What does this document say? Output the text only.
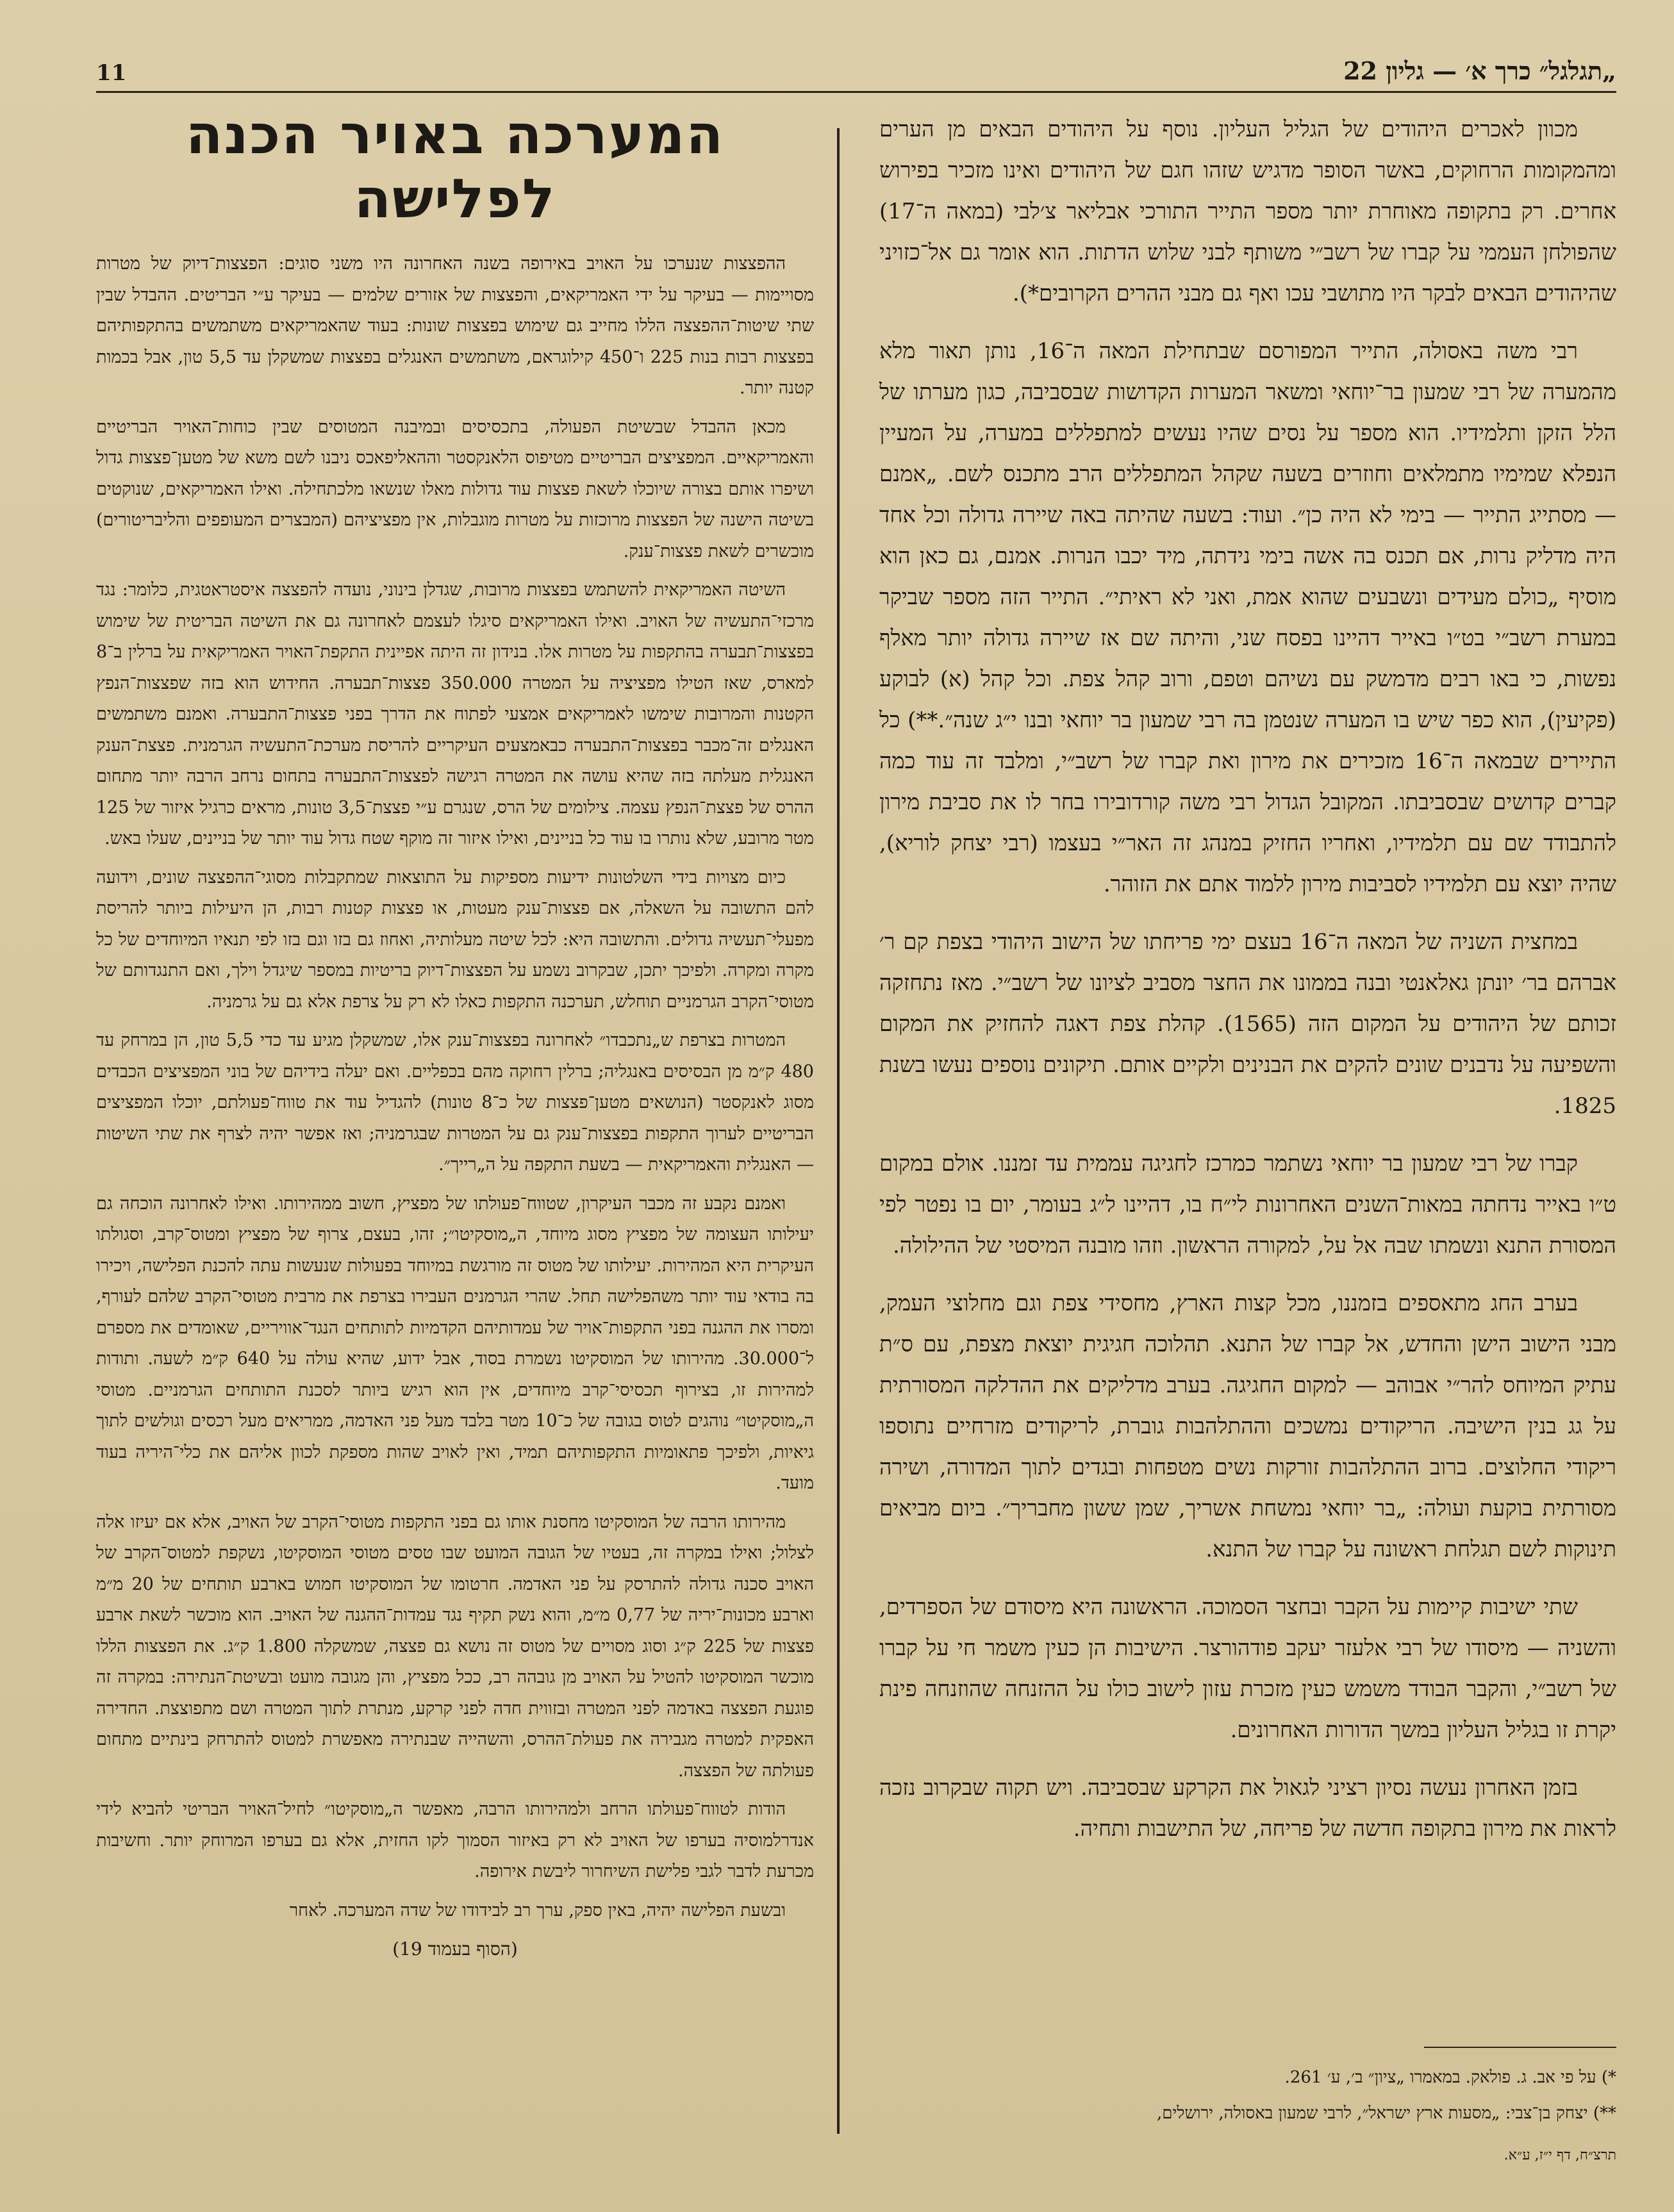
11	„תגלגל״ כרך א׳ — גליון 22

מכוון לאכרים היהודים של הגליל העליון. נוסף על היהודים הבאים מן הערים ומהמקומות הרחוקים, באשר הסופר מדגיש שזהו חגם של היהודים ואינו מזכיר בפירוש אחרים. רק בתקופה מאוחרת יותר מספר התייר התורכי אבליאר צ׳לבי (במאה ה־17) שהפולחן העממי על קברו של רשב״י משותף לבני שלוש הדתות. הוא אומר גם אל־כזויני שהיהודים הבאים לבקר היו מתושבי עכו ואף גם מבני ההרים הקרובים*).

רבי משה באסולה, התייר המפורסם שבתחילת המאה ה־16, נותן תאור מלא מהמערה של רבי שמעון בר־יוחאי ומשאר המערות הקדושות שבסביבה, כגון מערתו של הלל הזקן ותלמידיו. הוא מספר על נסים שהיו נעשים למתפללים במערה, על המעיין הנפלא שמימיו מתמלאים וחוזרים בשעה שקהל המתפללים הרב מתכנס לשם. „אמנם — מסתייג התייר — בימי לא היה כן״. ועוד: בשעה שהיתה באה שיירה גדולה וכל אחד היה מדליק נרות, אם תכנס בה אשה בימי נידתה, מיד יכבו הנרות. אמנם, גם כאן הוא מוסיף „כולם מעידים ונשבעים שהוא אמת, ואני לא ראיתי״. התייר הזה מספר שביקר במערת רשב״י בט״ו באייר דהיינו בפסח שני, והיתה שם אז שיירה גדולה יותר מאלף נפשות, כי באו רבים מדמשק עם נשיהם וטפם, ורוב קהל צפת. וכל קהל (א) לבוקע (פקיעין), הוא כפר שיש בו המערה שנטמן בה רבי שמעון בר יוחאי ובנו י״ג שנה״.**) כל התיירים שבמאה ה־16 מזכירים את מירון ואת קברו של רשב״י, ומלבד זה עוד כמה קברים קדושים שבסביבתו. המקובל הגדול רבי משה קורדובירו בחר לו את סביבת מירון להתבודד שם עם תלמידיו, ואחריו החזיק במנהג זה האר״י בעצמו (רבי יצחק לוריא), שהיה יוצא עם תלמידיו לסביבות מירון ללמוד אתם את הזוהר.

במחצית השניה של המאה ה־16 בעצם ימי פריחתו של הישוב היהודי בצפת קם ר׳ אברהם בר׳ יונתן גאלאנטי ובנה בממונו את החצר מסביב לציונו של רשב״י. מאז נתחזקה זכותם של היהודים על המקום הזה (1565). קהלת צפת דאגה להחזיק את המקום והשפיעה על נדבנים שונים להקים את הבנינים ולקיים אותם. תיקונים נוספים נעשו בשנת 1825.

קברו של רבי שמעון בר יוחאי נשתמר כמרכז לחגיגה עממית עד זמננו. אולם במקום ט״ו באייר נדחתה במאות־השנים האחרונות לי״ח בו, דהיינו ל״ג בעומר, יום בו נפטר לפי המסורת התנא ונשמתו שבה אל על, למקורה הראשון. וזהו מובנה המיסטי של ההילולה.

בערב החג מתאספים בזמננו, מכל קצות הארץ, מחסידי צפת וגם מחלוצי העמק, מבני הישוב הישן והחדש, אל קברו של התנא. תהלוכה חגיגית יוצאת מצפת, עם ס״ת עתיק המיוחס להר״י אבוהב — למקום החגיגה. בערב מדליקים את ההדלקה המסורתית על גג בנין הישיבה. הריקודים נמשכים וההתלהבות גוברת, לריקודים מזרחיים נתוספו ריקודי החלוצים. ברוב ההתלהבות זורקות נשים מטפחות ובגדים לתוך המדורה, ושירה מסורתית בוקעת ועולה: „בר יוחאי נמשחת אשריך, שמן ששון מחבריך״. ביום מביאים תינוקות לשם תגלחת ראשונה על קברו של התנא.

שתי ישיבות קיימות על הקבר ובחצר הסמוכה. הראשונה היא מיסודם של הספרדים, והשניה — מיסודו של רבי אלעזר יעקב פודהורצר. הישיבות הן כעין משמר חי על קברו של רשב״י, והקבר הבודד משמש כעין מזכרת עזון לישוב כולו על ההזנחה שהוזנחה פינת יקרת זו בגליל העליון במשך הדורות האחרונים.

בזמן האחרון נעשה נסיון רציני לגאול את הקרקע שבסביבה. ויש תקוה שבקרוב נזכה לראות את מירון בתקופה חדשה של פריחה, של התישבות ותחיה.

*) על פי אב. ג. פולאק. במאמרו „ציון״ ב׳, ע׳ 261.

**) יצחק בן־צבי: „מסעות ארץ ישראל״, לרבי שמעון באסולה, ירושלים,

תרצ״ח, דף י״ז, ע״א.

המערכה באויר הכנה לפלישה

ההפצצות שנערכו על האויב באירופה בשנה האחרונה היו משני סוגים: הפצצות־דיוק של מטרות מסויימות — בעיקר על ידי האמריקאים, והפצצות של אזורים שלמים — בעיקר ע״י הבריטים. ההבדל שבין שתי שיטות־ההפצצה הללו מחייב גם שימוש בפצצות שונות: בעוד שהאמריקאים משתמשים בהתקפותיהם בפצצות רבות בנות 225 ו־450 קילוגראם, משתמשים האנגלים בפצצות שמשקלן עד 5,5 טון, אבל בכמות קטנה יותר.

מכאן ההבדל שבשיטת הפעולה, בתכסיסים ובמיבנה המטוסים שבין כוחות־האויר הבריטיים והאמריקאיים. המפציצים הבריטיים מטיפוס הלאנקסטר וההאליפאכס ניבנו לשם משא של מטען־פצצות גדול ושיפרו אותם בצורה שיוכלו לשאת פצצות עוד גדולות מאלו שנשאו מלכתחילה. ואילו האמריקאים, שנוקטים בשיטה הישנה של הפצצות מרוכזות על מטרות מוגבלות, אין מפציציהם (המבצרים המעופפים והליבריטורים) מוכשרים לשאת פצצות־ענק.

השיטה האמריקאית להשתמש בפצצות מרובות, שגדלן בינוני, נועדה להפצצה איסטראטגית, כלומר: נגד מרכזי־התעשיה של האויב. ואילו האמריקאים סיגלו לעצמם לאחרונה גם את השיטה הבריטית של שימוש בפצצות־תבערה בהתקפות על מטרות אלו. בנידון זה היתה אפיינית התקפת־האויר האמריקאית על ברלין ב־8 למארס, שאז הטילו מפציציה על המטרה 350.000 פצצות־תבערה. החידוש הוא בזה שפצצות־הנפץ הקטנות והמרובות שימשו לאמריקאים אמצעי לפתוח את הדרך בפני פצצות־התבערה. ואמנם משתמשים האנגלים זה־מכבר בפצצות־התבערה כבאמצעים העיקריים להריסת מערכת־התעשיה הגרמנית. פצצת־הענק האנגלית מעלתה בזה שהיא עושה את המטרה רגישה לפצצות־התבערה בתחום נרחב הרבה יותר מתחום ההרס של פצצת־הנפץ עצמה. צילומים של הרס, שנגרם ע״י פצצת־3,5 טונות, מראים כרגיל איזור של 125 מטר מרובע, שלא נותרו בו עוד כל בניינים, ואילו איזור זה מוקף שטח גדול עוד יותר של בניינים, שעלו באש.

כיום מצויות בידי השלטונות ידיעות מספיקות על התוצאות שמתקבלות מסוגי־ההפצצה שונים, וידועה להם התשובה על השאלה, אם פצצות־ענק מעטות, או פצצות קטנות רבות, הן היעילות ביותר להריסת מפעלי־תעשיה גדולים. והתשובה היא: לכל שיטה מעלותיה, ואחוז גם בזו וגם בזו לפי תנאיו המיוחדים של כל מקרה ומקרה. ולפיכך יתכן, שבקרוב נשמע על הפצצות־דיוק בריטיות במספר שיגדל וילך, ואם התנגדותם של מטוסי־הקרב הגרמניים תוחלש, תערכנה התקפות כאלו לא רק על צרפת אלא גם על גרמניה.

המטרות בצרפת ש„נתכבדו״ לאחרונה בפצצות־ענק אלו, שמשקלן מגיע עד כדי 5,5 טון, הן במרחק עד 480 ק״מ מן הבסיסים באנגליה; ברלין רחוקה מהם בכפליים. ואם יעלה בידיהם של בוני המפציצים הכבדים מסוג לאנקסטר (הנושאים מטען־פצצות של כ־8 טונות) להגדיל עוד את טווח־פעולתם, יוכלו המפציצים הבריטיים לערוך התקפות בפצצות־ענק גם על המטרות שבגרמניה; ואז אפשר יהיה לצרף את שתי השיטות — האנגלית והאמריקאית — בשעת התקפה על ה„רייך״.

ואמנם נקבע זה מכבר העיקרון, שטווח־פעולתו של מפציץ, חשוב ממהירותו. ואילו לאחרונה הוכחה גם יעילותו העצומה של מפציץ מסוג מיוחד, ה„מוסקיטו״; זהו, בעצם, צרוף של מפציץ ומטוס־קרב, וסגולתו העיקרית היא המהירות. יעילותו של מטוס זה מורגשת במיוחד בפעולות שנעשות עתה להכנת הפלישה, ויכירו בה בודאי עוד יותר משהפלישה תחל. שהרי הגרמנים העבירו בצרפת את מרבית מטוסי־הקרב שלהם לעורף, ומסרו את ההגנה בפני התקפות־אויר של עמדותיהם הקדמיות לתותחים הנגד־אוויריים, שאומדים את מספרם ל־30.000. מהירותו של המוסקיטו נשמרת בסוד, אבל ידוע, שהיא עולה על 640 ק״מ לשעה. ותודות למהירות זו, בצירוף תכסיסי־קרב מיוחדים, אין הוא רגיש ביותר לסכנת התותחים הגרמניים. מטוסי ה„מוסקיטו״ נוהגים לטוס בגובה של כ־10 מטר בלבד מעל פני האדמה, ממריאים מעל רכסים וגולשים לתוך גיאיות, ולפיכך פתאומיות התקפותיהם תמיד, ואין לאויב שהות מספקת לכוון אליהם את כלי־היריה בעוד מועד.

מהירותו הרבה של המוסקיטו מחסנת אותו גם בפני התקפות מטוסי־הקרב של האויב, אלא אם יעיזו אלה לצלול; ואילו במקרה זה, בעטיו של הגובה המועט שבו טסים מטוסי המוסקיטו, נשקפת למטוס־הקרב של האויב סכנה גדולה להתרסק על פני האדמה. חרטומו של המוסקיטו חמוש בארבע תותחים של 20 מ״מ וארבע מכונות־יריה של 0,77 מ״מ, והוא נשק תקיף נגד עמדות־ההגנה של האויב. הוא מוכשר לשאת ארבע פצצות של 225 ק״ג וסוג מסויים של מטוס זה נושא גם פצצה, שמשקלה 1.800 ק״ג. את הפצצות הללו מוכשר המוסקיטו להטיל על האויב מן גובהה רב, ככל מפציץ, והן מגובה מועט ובשיטת־הנתירה: במקרה זה פוגעת הפצצה באדמה לפני המטרה ובזווית חדה לפני קרקע, מנתרת לתוך המטרה ושם מתפוצצת. החדירה האפקית למטרה מגבירה את פעולת־ההרס, והשהייה שבנתירה מאפשרת למטוס להתרחק בינתיים מתחום פעולתה של הפצצה.

הודות לטווח־פעולתו הרחב ולמהירותו הרבה, מאפשר ה„מוסקיטו״ לחיל־האויר הבריטי להביא לידי אנדרלמוסיה בערפו של האויב לא רק באיזור הסמוך לקו החזית, אלא גם בערפו המרוחק יותר. וחשיבות מכרעת לדבר לגבי פלישת השיחרור ליבשת אירופה.

ובשעת הפלישה יהיה, באין ספק, ערך רב לבידודו של שדה המערכה. לאחר

(הסוף בעמוד 19)
